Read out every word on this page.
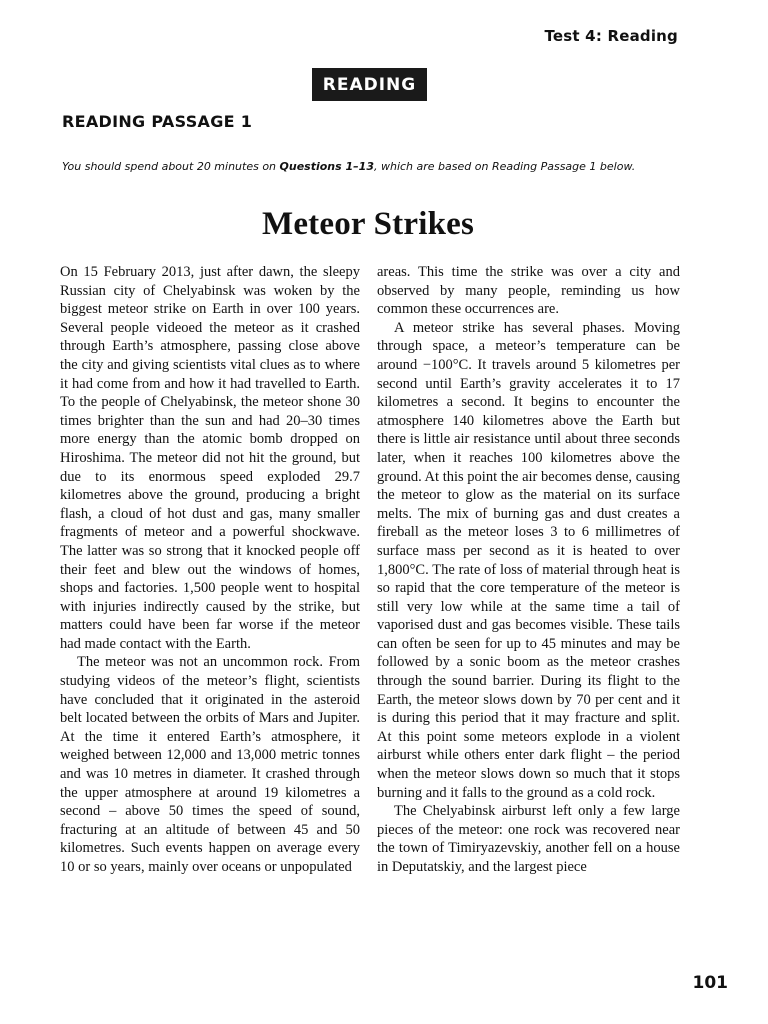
Test 4: Reading
READING
READING PASSAGE 1
You should spend about 20 minutes on Questions 1–13, which are based on Reading Passage 1 below.
Meteor Strikes

On 15 February 2013, just after dawn, the sleepy Russian city of Chelyabinsk was woken by the biggest meteor strike on Earth in over 100 years. Several people videoed the meteor as it crashed through Earth’s atmosphere, passing close above the city and giving scientists vital clues as to where it had come from and how it had travelled to Earth. To the people of Chelyabinsk, the meteor shone 30 times brighter than the sun and had 20–30 times more energy than the atomic bomb dropped on Hiroshima. The meteor did not hit the ground, but due to its enormous speed exploded 29.7 kilometres above the ground, producing a bright flash, a cloud of hot dust and gas, many smaller fragments of meteor and a powerful shockwave. The latter was so strong that it knocked people off their feet and blew out the windows of homes, shops and factories. 1,500 people went to hospital with injuries indirectly caused by the strike, but matters could have been far worse if the meteor had made contact with the Earth.

The meteor was not an uncommon rock. From studying videos of the meteor’s flight, scientists have concluded that it originated in the asteroid belt located between the orbits of Mars and Jupiter. At the time it entered Earth’s atmosphere, it weighed between 12,000 and 13,000 metric tonnes and was 10 metres in diameter. It crashed through the upper atmosphere at around 19 kilometres a second – above 50 times the speed of sound, fracturing at an altitude of between 45 and 50 kilometres. Such events happen on average every 10 or so years, mainly over oceans or unpopulated

areas. This time the strike was over a city and observed by many people, reminding us how common these occurrences are.

A meteor strike has several phases. Moving through space, a meteor’s temperature can be around −100°C. It travels around 5 kilometres per second until Earth’s gravity accelerates it to 17 kilometres a second. It begins to encounter the atmosphere 140 kilometres above the Earth but there is little air resistance until about three seconds later, when it reaches 100 kilometres above the ground. At this point the air becomes dense, causing the meteor to glow as the material on its surface melts. The mix of burning gas and dust creates a fireball as the meteor loses 3 to 6 millimetres of surface mass per second as it is heated to over 1,800°C. The rate of loss of material through heat is so rapid that the core temperature of the meteor is still very low while at the same time a tail of vaporised dust and gas becomes visible. These tails can often be seen for up to 45 minutes and may be followed by a sonic boom as the meteor crashes through the sound barrier. During its flight to the Earth, the meteor slows down by 70 per cent and it is during this period that it may fracture and split. At this point some meteors explode in a violent airburst while others enter dark flight – the period when the meteor slows down so much that it stops burning and it falls to the ground as a cold rock.

The Chelyabinsk airburst left only a few large pieces of the meteor: one rock was recovered near the town of Timiryazevskiy, another fell on a house in Deputatskiy, and the largest piece

101
